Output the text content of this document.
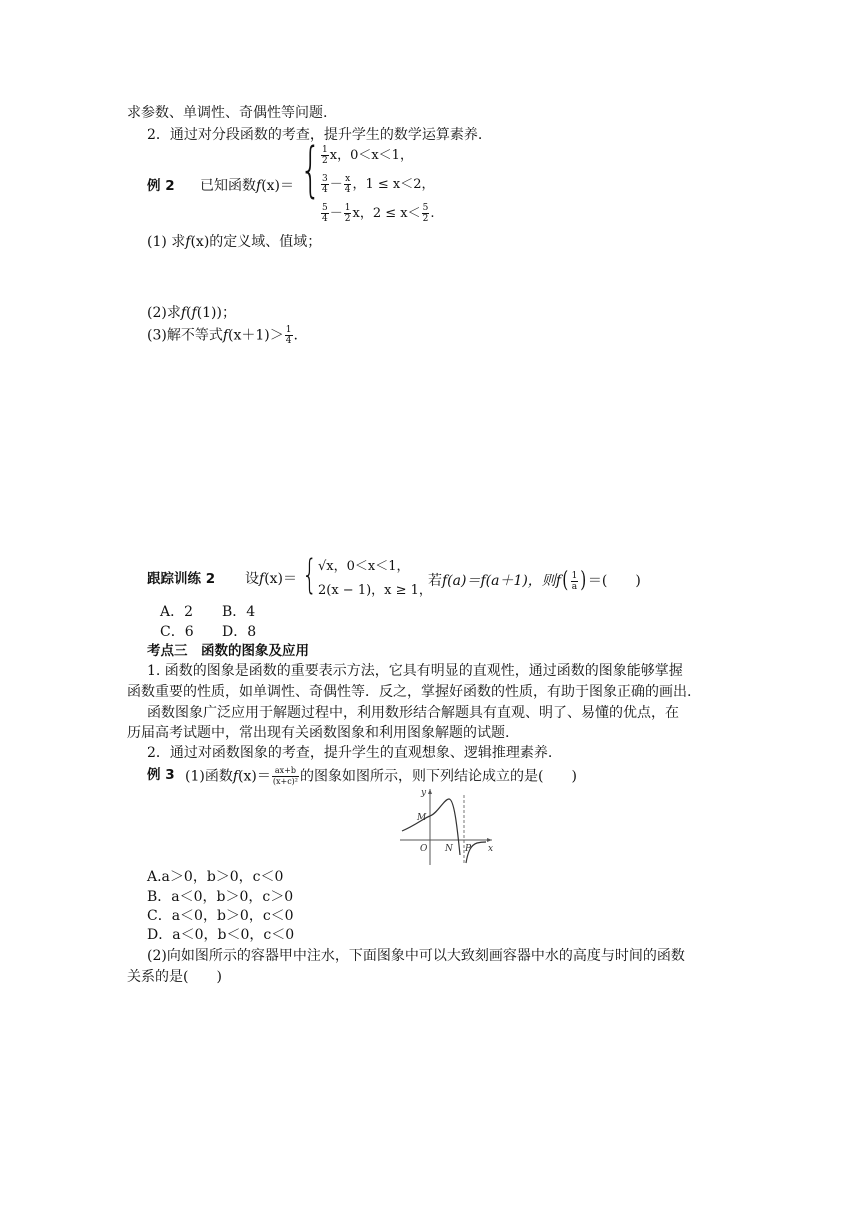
求参数、单调性、奇偶性等问题.
2．通过对分段函数的考查，提升学生的数学运算素养.
例 2 已知函数f(x)＝ { $\frac{1}{2}$ x，0＜x＜1，
$\frac{3}{4} - \frac{x}{4}$ ，1 ≤ x＜2，
$\frac{5}{4} - \frac{1}{2}$ x，$2 \le x< \frac{5}{2}$ .
(1) 求f(x)的定义域、值域；
(2)求f(f(1))；
(3)解不等式$f(x+1)> \frac{1}{4}$ .
跟踪训练 2 设f(x)＝ { √x，0＜x＜1，
2(x − 1)，x ≥ 1，
若f(a)＝f(a＋1)，则$f( \frac{1}{a}$ )＝(　　)
A．2 B．4
C．6 D．8
考点三　函数的图象及应用
1. 函数的图象是函数的重要表示方法，它具有明显的直观性，通过函数的图象能够掌握
函数重要的性质，如单调性、奇偶性等．反之，掌握好函数的性质，有助于图象正确的画出.
函数图象广泛应用于解题过程中，利用数形结合解题具有直观、明了、易懂的优点，在
历届高考试题中，常出现有关函数图象和利用图象解题的试题.
2．通过对函数图象的考查，提升学生的直观想象、逻辑推理素养.
例 3 (1)函数$f(x)= \frac{ax+b}{\text{(x+c)²}}$ 的图象如图所示，则下列结论成立的是(　　)
y
x
O
M
N P
A.a＞0，b＞0，c＜0
B．a＜0，b＞0，c＞0
C．a＜0，b＞0，c＜0
D．a＜0，b＜0，c＜0
(2)向如图所示的容器甲中注水，下面图象中可以大致刻画容器中水的高度与时间的函数
关系的是(　　)
